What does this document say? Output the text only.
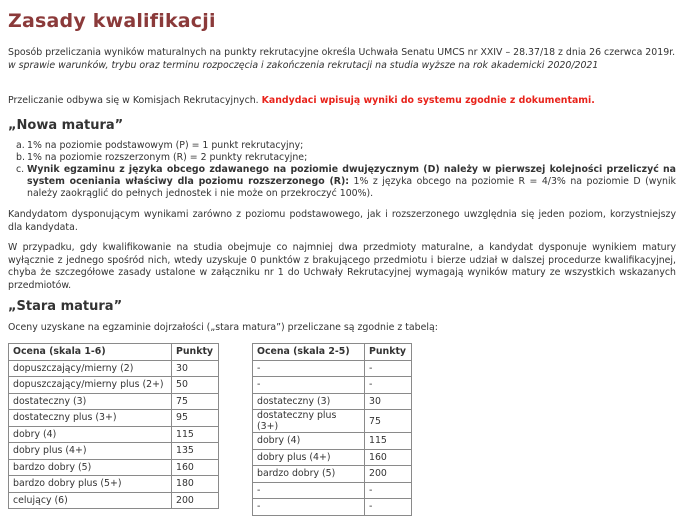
Zasady kwalifikacji

Sposób przeliczania wyników maturalnych na punkty rekrutacyjne określa Uchwała Senatu UMCS nr XXIV – 28.37/18 z dnia 26 czerwca 2019r. w sprawie warunków, trybu oraz terminu rozpoczęcia i zakończenia rekrutacji na studia wyższe na rok akademicki 2020/2021

Przeliczanie odbywa się w Komisjach Rekrutacyjnych. Kandydaci wpisują wyniki do systemu zgodnie z dokumentami.

„Nowa matura”
a. 1% na poziomie podstawowym (P) = 1 punkt rekrutacyjny;
b. 1% na poziomie rozszerzonym (R) = 2 punkty rekrutacyjne;
c. Wynik egzaminu z języka obcego zdawanego na poziomie dwujęzycznym (D) należy w pierwszej kolejności przeliczyć na system oceniania właściwy dla poziomu rozszerzonego (R): 1% z języka obcego na poziomie R = 4/3% na poziomie D (wynik należy zaokrąglić do pełnych jednostek i nie może on przekroczyć 100%).

Kandydatom dysponującym wynikami zarówno z poziomu podstawowego, jak i rozszerzonego uwzględnia się jeden poziom, korzystniejszy dla kandydata.

W przypadku, gdy kwalifikowanie na studia obejmuje co najmniej dwa przedmioty maturalne, a kandydat dysponuje wynikiem matury wyłącznie z jednego spośród nich, wtedy uzyskuje 0 punktów z brakującego przedmiotu i bierze udział w dalszej procedurze kwalifikacyjnej, chyba że szczegółowe zasady ustalone w załączniku nr 1 do Uchwały Rekrutacyjnej wymagają wyników matury ze wszystkich wskazanych przedmiotów.

„Stara matura”

Oceny uzyskane na egzaminie dojrzałości („stara matura”) przeliczane są zgodnie z tabelą:

Ocena (skala 1-6)	Punkty
dopuszczający/mierny (2)	30
dopuszczający/mierny plus (2+)	50
dostateczny (3)	75
dostateczny plus (3+)	95
dobry (4)	115
dobry plus (4+)	135
bardzo dobry (5)	160
bardzo dobry plus (5+)	180
celujący (6)	200
Ocena (skala 2-5)	Punkty
-	-
-	-
dostateczny (3)	30
dostateczny plus (3+)	75
dobry (4)	115
dobry plus (4+)	160
bardzo dobry (5)	200
-	-
-	-
